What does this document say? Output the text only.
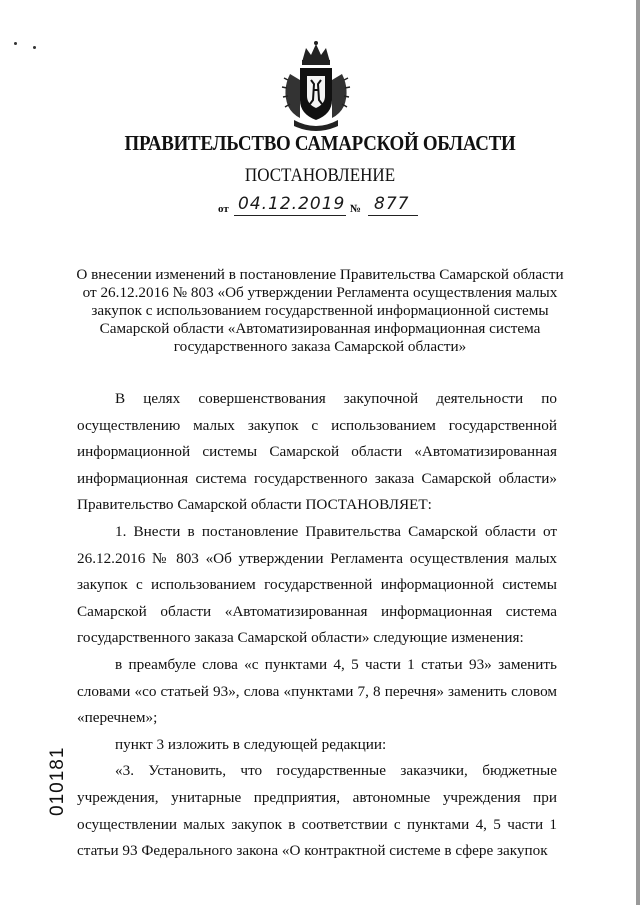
ПРАВИТЕЛЬСТВО САМАРСКОЙ ОБЛАСТИ
ПОСТАНОВЛЕНИЕ
от 04.12.2019 № 877
О внесении изменений в постановление Правительства Самарской области от 26.12.2016 № 803 «Об утверждении Регламента осуществления малых закупок с использованием государственной информационной системы Самарской области «Автоматизированная информационная система государственного заказа Самарской области»

В целях совершенствования закупочной деятельности по осуществлению малых закупок с использованием государственной информационной системы Самарской области «Автоматизированная информационная система государственного заказа Самарской области» Правительство Самарской области ПОСТАНОВЛЯЕТ:

1. Внести в постановление Правительства Самарской области от 26.12.2016 № 803 «Об утверждении Регламента осуществления малых закупок с использованием государственной информационной системы Самарской области «Автоматизированная информационная система государственного заказа Самарской области» следующие изменения:

в преамбуле слова «с пунктами 4, 5 части 1 статьи 93» заменить словами «со статьей 93», слова «пунктами 7, 8 перечня» заменить словом «перечнем»;

пункт 3 изложить в следующей редакции:

«3. Установить, что государственные заказчики, бюджетные учреждения, унитарные предприятия, автономные учреждения при осуществлении малых закупок в соответствии с пунктами 4, 5 части 1 статьи 93 Федерального закона «О контрактной системе в сфере закупок

010181
